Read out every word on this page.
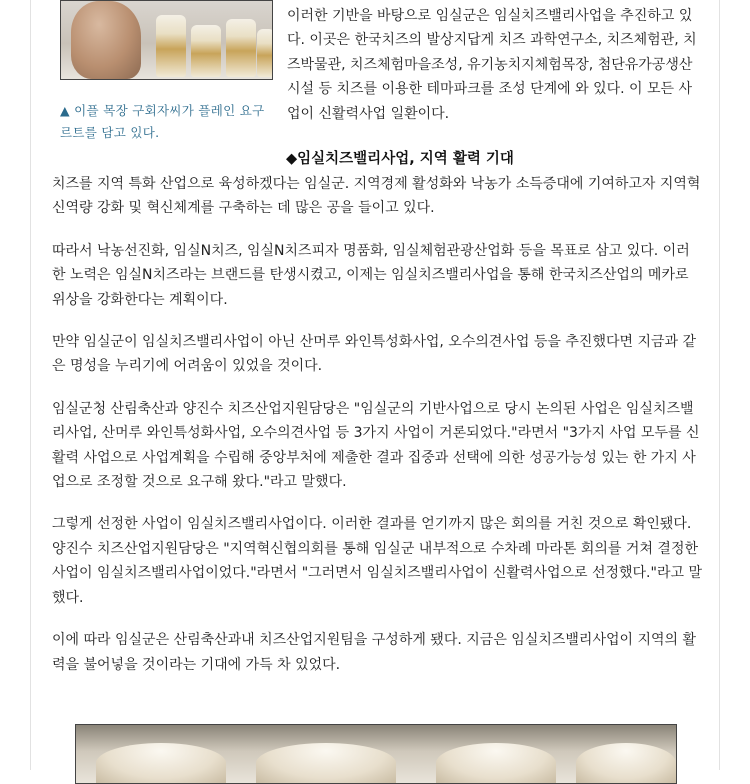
▲ 이플 목장 구회자씨가 플레인 요구르트를 담고 있다.
이러한 기반을 바탕으로 임실군은 임실치즈밸리사업을 추진하고 있다. 이곳은 한국치즈의 발상지답게 치즈 과학연구소, 치즈체험관, 치즈박물관, 치즈체험마을조성, 유기농치지체험목장, 첨단유가공생산시설 등 치즈를 이용한 테마파크를 조성 단계에 와 있다. 이 모든 사업이 신활력사업 일환이다.
◆임실치즈밸리사업, 지역 활력 기대

치즈를 지역 특화 산업으로 육성하겠다는 임실군. 지역경제 활성화와 낙농가 소득증대에 기여하고자 지역혁신역량 강화 및 혁신체계를 구축하는 데 많은 공을 들이고 있다.

따라서 낙농선진화, 임실N치즈, 임실N치즈피자 명품화, 임실체험관광산업화 등을 목표로 삼고 있다. 이러한 노력은 임실N치즈라는 브랜드를 탄생시켰고, 이제는 임실치즈밸리사업을 통해 한국치즈산업의 메카로 위상을 강화한다는 계획이다.

만약 임실군이 임실치즈밸리사업이 아닌 산머루 와인특성화사업, 오수의견사업 등을 추진했다면 지금과 같은 명성을 누리기에 어려움이 있었을 것이다.

임실군청 산림축산과 양진수 치즈산업지원담당은 "임실군의 기반사업으로 당시 논의된 사업은 임실치즈밸리사업, 산머루 와인특성화사업, 오수의견사업 등 3가지 사업이 거론되었다."라면서 "3가지 사업 모두를 신활력 사업으로 사업계획을 수립해 중앙부처에 제출한 결과 집중과 선택에 의한 성공가능성 있는 한 가지 사업으로 조정할 것으로 요구해 왔다."라고 말했다.

그렇게 선정한 사업이 임실치즈밸리사업이다. 이러한 결과를 얻기까지 많은 회의를 거친 것으로 확인됐다.

양진수 치즈산업지원담당은 "지역혁신협의회를 통해 임실군 내부적으로 수차례 마라톤 회의를 거쳐 결정한 사업이 임실치즈밸리사업이었다."라면서 "그러면서 임실치즈밸리사업이 신활력사업으로 선정했다."라고 말했다.

이에 따라 임실군은 산림축산과내 치즈산업지원팀을 구성하게 됐다. 지금은 임실치즈밸리사업이 지역의 활력을 불어넣을 것이라는 기대에 가득 차 있었다.
